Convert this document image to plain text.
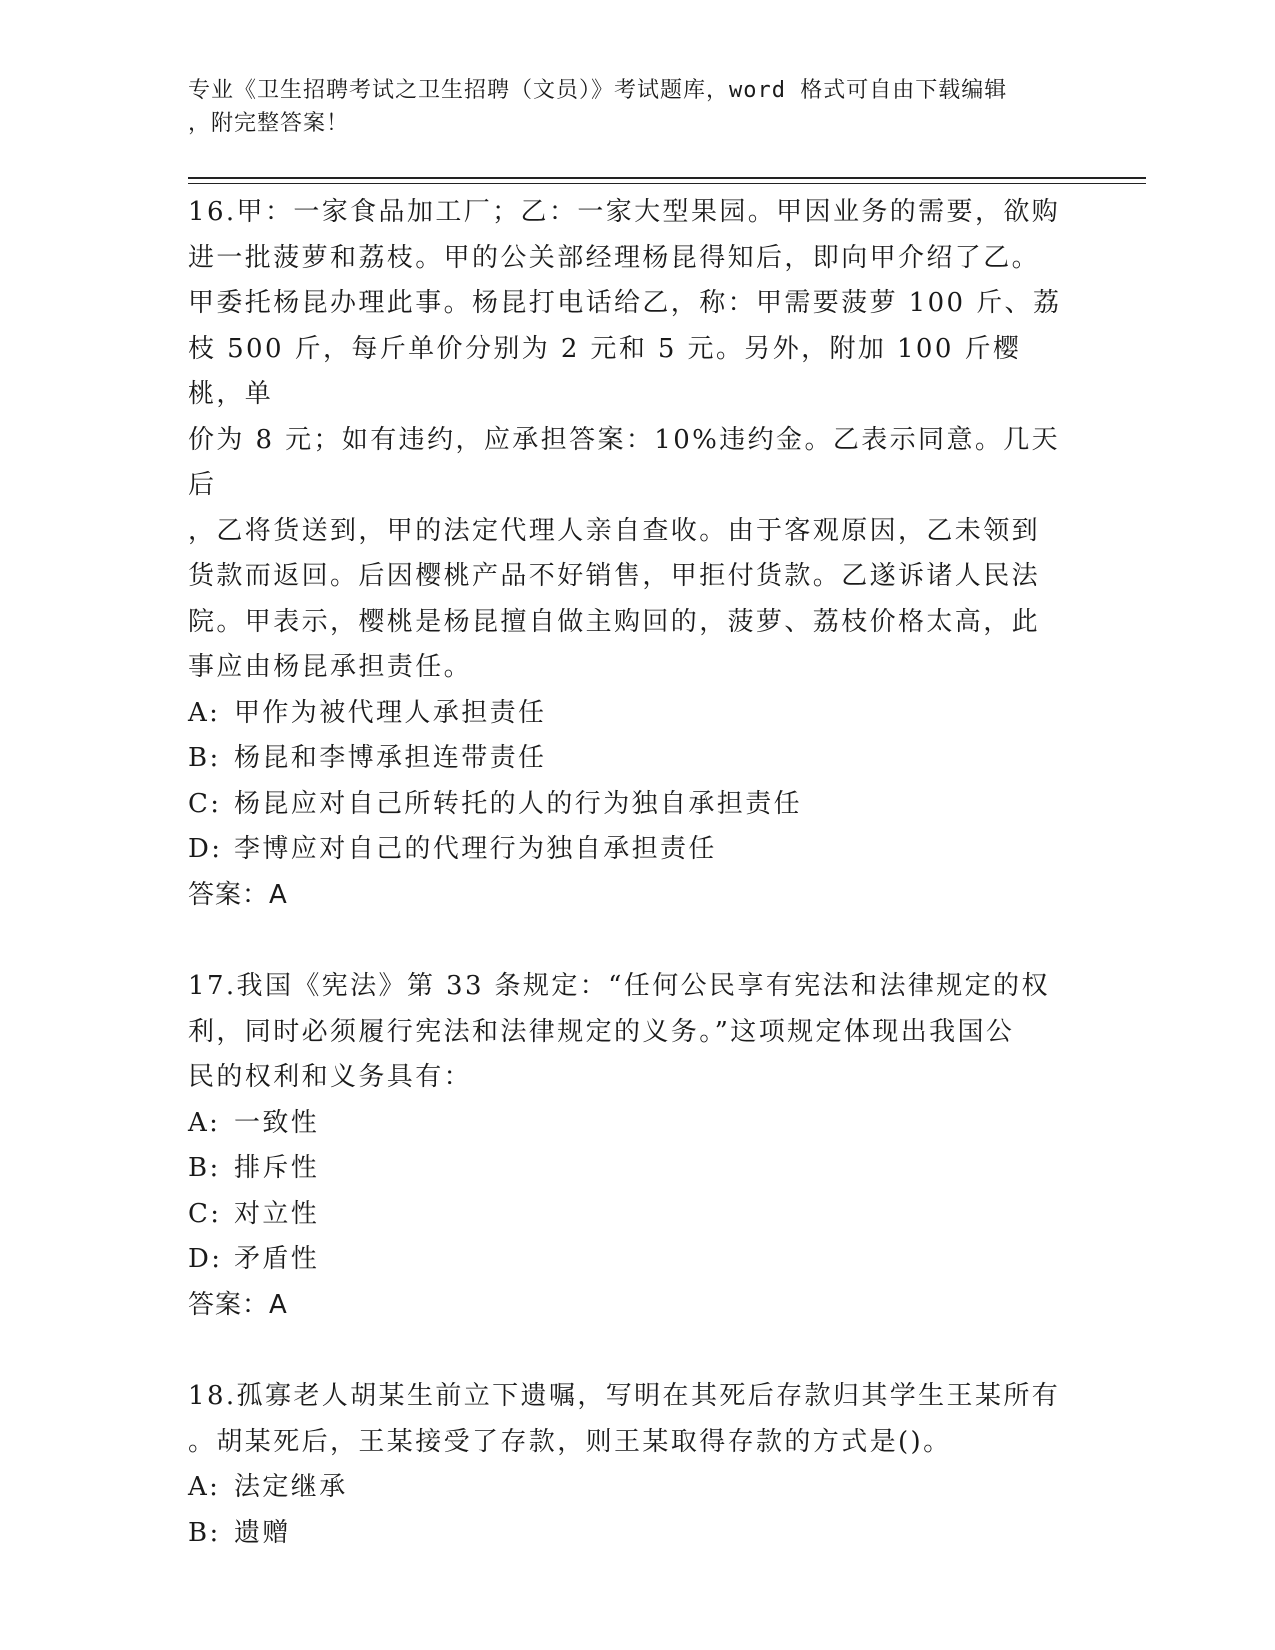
专业《卫生招聘考试之卫生招聘（文员）》考试题库，word 格式可自由下载编辑
，附完整答案！
16.甲：一家食品加工厂；乙：一家大型果园。甲因业务的需要，欲购
进一批菠萝和荔枝。甲的公关部经理杨昆得知后，即向甲介绍了乙。
甲委托杨昆办理此事。杨昆打电话给乙，称：甲需要菠萝 100 斤、荔
枝 500 斤，每斤单价分别为 2 元和 5 元。另外，附加 100 斤樱桃，单
价为 8 元；如有违约，应承担答案：10%违约金。乙表示同意。几天后
，乙将货送到，甲的法定代理人亲自查收。由于客观原因，乙未领到
货款而返回。后因樱桃产品不好销售，甲拒付货款。乙遂诉诸人民法
院。甲表示，樱桃是杨昆擅自做主购回的，菠萝、荔枝价格太高，此
事应由杨昆承担责任。
A: 甲作为被代理人承担责任
B: 杨昆和李博承担连带责任
C: 杨昆应对自己所转托的人的行为独自承担责任
D: 李博应对自己的代理行为独自承担责任
答案：A
17.我国《宪法》第 33 条规定：“任何公民享有宪法和法律规定的权
利，同时必须履行宪法和法律规定的义务。”这项规定体现出我国公
民的权利和义务具有：
A: 一致性
B: 排斥性
C: 对立性
D: 矛盾性
答案：A
18.孤寡老人胡某生前立下遗嘱，写明在其死后存款归其学生王某所有
。胡某死后，王某接受了存款，则王某取得存款的方式是()。
A: 法定继承
B: 遗赠
